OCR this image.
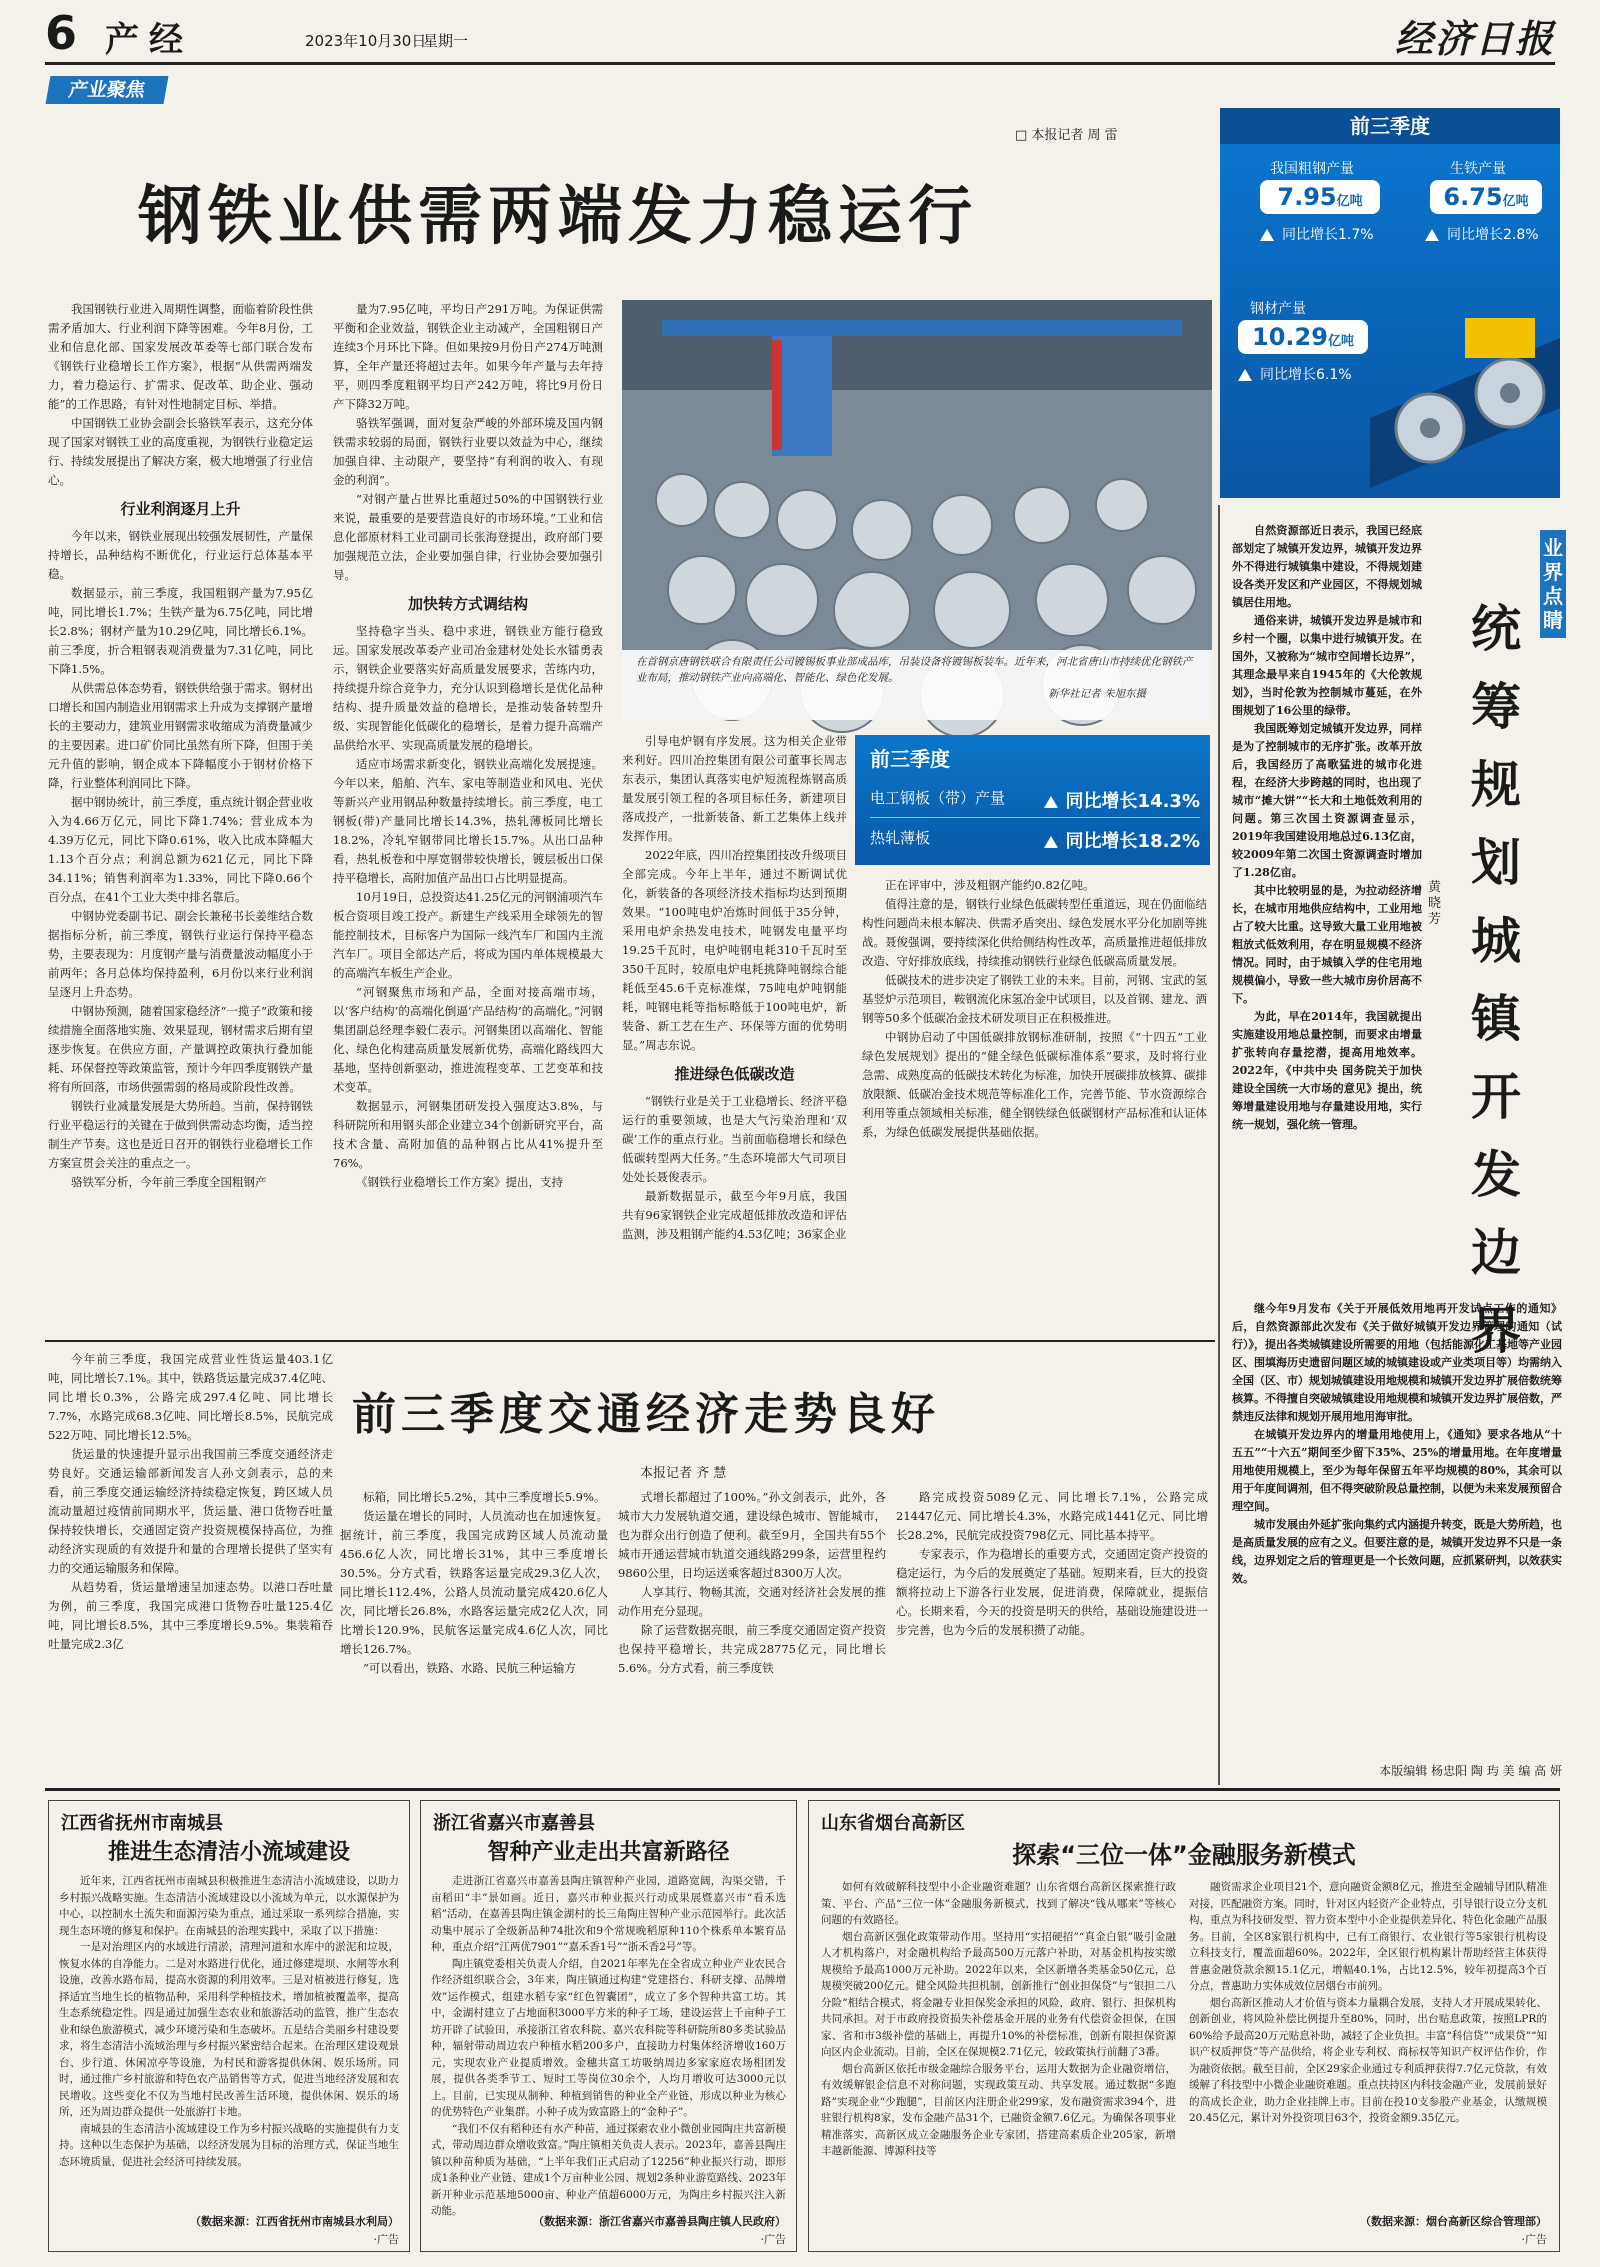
6 产经	2023年10月30日
星期一	经济日报
产业聚焦
□ 本报记者 周 雷
钢铁业供需两端发力稳运行
前三季度
我国粗钢产量
7.95亿吨
同比增长1.7%
生铁产量
6.75亿吨
同比增长2.8%
钢材产量
10.29亿吨
同比增长6.1%
在首钢京唐钢铁联合有限责任公司镀锡板事业部成品库，吊装设备将镀锡板装车。近年来，河北省唐山市持续优化钢铁产业布局，推动钢铁产业向高端化、智能化、绿色化发展。
新华社记者 朱旭东摄

我国钢铁行业进入周期性调整，面临着阶段性供需矛盾加大、行业利润下降等困难。今年8月份，工业和信息化部、国家发展改革委等七部门联合发布《钢铁行业稳增长工作方案》，根据“从供需两端发力，着力稳运行、扩需求、促改革、助企业、强动能”的工作思路，有针对性地制定目标、举措。

中国钢铁工业协会副会长骆铁军表示，这充分体现了国家对钢铁工业的高度重视，为钢铁行业稳定运行、持续发展提出了解决方案，极大地增强了行业信心。

行业利润逐月上升

今年以来，钢铁业展现出较强发展韧性，产量保持增长，品种结构不断优化，行业运行总体基本平稳。

数据显示，前三季度，我国粗钢产量为7.95亿吨，同比增长1.7%；生铁产量为6.75亿吨，同比增长2.8%；钢材产量为10.29亿吨，同比增长6.1%。前三季度，折合粗钢表观消费量为7.31亿吨，同比下降1.5%。

从供需总体态势看，钢铁供给强于需求。钢材出口增长和国内制造业用钢需求上升成为支撑钢产量增长的主要动力，建筑业用钢需求收缩成为消费量减少的主要因素。进口矿价同比虽然有所下降，但围于美元升值的影响，钢企成本下降幅度小于钢材价格下降，行业整体利润同比下降。

据中钢协统计，前三季度，重点统计钢企营业收入为4.66万亿元，同比下降1.74%；营业成本为4.39万亿元，同比下降0.61%，收入比成本降幅大1.13个百分点；利润总额为621亿元，同比下降34.11%；销售利润率为1.33%，同比下降0.66个百分点，在41个工业大类中排名靠后。

中钢协党委副书记、副会长兼秘书长姜维结合数据指标分析，前三季度，钢铁行业运行保持平稳态势，主要表现为：月度钢产量与消费量波动幅度小于前两年；各月总体均保持盈利，6月份以来行业利润呈逐月上升态势。

中钢协预测，随着国家稳经济“一揽子”政策和接续措施全面落地实施、效果显现，钢材需求后期有望逐步恢复。在供应方面，产量调控政策执行叠加能耗、环保督控等政策监管，预计今年四季度钢铁产量将有所回落，市场供强需弱的格局或阶段性改善。

钢铁行业减量发展是大势所趋。当前，保持钢铁行业平稳运行的关键在于做到供需动态均衡，适当控制生产节奏。这也是近日召开的钢铁行业稳增长工作方案宣贯会关注的重点之一。

骆铁军分析，今年前三季度全国粗钢产

量为7.95亿吨，平均日产291万吨。为保证供需平衡和企业效益，钢铁企业主动减产，全国粗钢日产连续3个月环比下降。但如果按9月份日产274万吨测算，全年产量还将超过去年。如果今年产量与去年持平，则四季度粗钢平均日产242万吨，将比9月份日产下降32万吨。

骆铁军强调，面对复杂严峻的外部环境及国内钢铁需求较弱的局面，钢铁行业要以效益为中心，继续加强自律、主动限产，要坚持“有利润的收入、有现金的利润”。

“对钢产量占世界比重超过50%的中国钢铁行业来说，最重要的是要营造良好的市场环境。”工业和信息化部原材料工业司副司长张海登提出，政府部门要加强规范立法，企业要加强自律，行业协会要加强引导。

加快转方式调结构

坚持稳字当头、稳中求进，钢铁业方能行稳致远。国家发展改革委产业司冶金建材处处长水镭勇表示，钢铁企业要落实好高质量发展要求，苦练内功，持续提升综合竞争力，充分认识到稳增长是优化品种结构、提升质量效益的稳增长，是推动装备转型升级、实现智能化低碳化的稳增长，是着力提升高端产品供给水平、实现高质量发展的稳增长。

适应市场需求新变化，钢铁业高端化发展提速。今年以来，船舶、汽车、家电等制造业和风电、光伏等新兴产业用钢品种数量持续增长。前三季度，电工钢板(带)产量同比增长14.3%，热轧薄板同比增长18.2%，冷轧窄钢带同比增长15.7%。从出口品种看，热轧板卷和中厚宽钢带较快增长，镀层板出口保持平稳增长，高附加值产品出口占比明显提高。

10月19日，总投资达41.25亿元的河钢浦项汽车板合资项目竣工投产。新建生产线采用全球领先的智能控制技术，目标客户为国际一线汽车厂和国内主流汽车厂。项目全部达产后，将成为国内单体规模最大的高端汽车板生产企业。

“河钢聚焦市场和产品，全面对接高端市场，以‘客户结构’的高端化倒逼‘产品结构’的高端化。”河钢集团副总经理李毅仁表示。河钢集团以高端化、智能化、绿色化构建高质量发展新优势，高端化路线四大基地，坚持创新驱动，推进流程变革、工艺变革和技术变革。

数据显示，河钢集团研发投入强度达3.8%，与科研院所和用钢头部企业建立34个创新研究平台，高技术含量、高附加值的品种钢占比从41%提升至76%。

《钢铁行业稳增长工作方案》提出，支持

前三季度
电工钢板（带）产量	同比增长14.3%
热轧薄板	同比增长18.2%

引导电炉钢有序发展。这为相关企业带来利好。四川冶控集团有限公司董事长周志东表示，集团认真落实电炉短流程炼钢高质量发展引领工程的各项目标任务，新建项目落成投产，一批新装备、新工艺集体上线并发挥作用。

2022年底，四川冶控集团技改升级项目全部完成。今年上半年，通过不断调试优化，新装备的各项经济技术指标均达到预期效果。“100吨电炉冶炼时间低于35分钟，采用电炉余热发电技术，吨钢发电量平均19.25千瓦时，电炉吨钢电耗310千瓦时至350千瓦时，较原电炉电耗挑降吨钢综合能耗低至45.6千克标准煤，75吨电炉吨钢能耗，吨钢电耗等指标略低于100吨电炉，新装备、新工艺在生产、环保等方面的优势明显。”周志东说。

推进绿色低碳改造

“钢铁行业是关于工业稳增长、经济平稳运行的重要领域，也是大气污染治理和‘双碳’工作的重点行业。当前面临稳增长和绿色低碳转型两大任务。”生态环境部大气司项目处处长聂俊表示。

最新数据显示，截至今年9月底，我国共有96家钢铁企业完成超低排放改造和评估监测，涉及粗钢产能约4.53亿吨；36家企业

正在评审中，涉及粗钢产能约0.82亿吨。

值得注意的是，钢铁行业绿色低碳转型任重道远，现在仍面临结构性问题尚未根本解决、供需矛盾突出、绿色发展水平分化加剧等挑战。聂俊强调，要持续深化供给侧结构性改革，高质量推进超低排放改造、守好排放底线，持续推动钢铁行业绿色低碳高质量发展。

低碳技术的进步决定了钢铁工业的未来。目前，河钢、宝武的氢基竖炉示范项目，鞍钢流化床氢冶金中试项目，以及首钢、建龙、酒钢等50多个低碳冶金技术研发项目正在积极推进。

中钢协启动了中国低碳排放钢标准研制，按照《“十四五”工业绿色发展规划》提出的“健全绿色低碳标准体系”要求，及时将行业急需、成熟度高的低碳技术转化为标准，加快开展碳排放核算、碳排放限额、低碳冶金技术规范等标准化工作，完善节能、节水资源综合利用等重点领域相关标准，健全钢铁绿色低碳钢材产品标准和认证体系，为绿色低碳发展提供基础依据。

业界点睛
统筹规划城镇开发边界
黄晓芳

自然资源部近日表示，我国已经底部划定了城镇开发边界，城镇开发边界外不得进行城镇集中建设，不得规划建设各类开发区和产业园区，不得规划城镇居住用地。

通俗来讲，城镇开发边界是城市和乡村一个圈，以集中进行城镇开发。在国外，又被称为“城市空间增长边界”，其理念最早来自1945年的《大伦敦规划》，当时伦敦为控制城市蔓延，在外围规划了16公里的绿带。

我国既筹划定城镇开发边界，同样是为了控制城市的无序扩张。改革开放后，我国经历了高歌猛进的城市化进程，在经济大步跨越的同时，也出现了城市“摊大饼”“长大和土地低效利用的问题。第三次国土资源调查显示，2019年我国建设用地总过6.13亿亩，较2009年第二次国土资源调查时增加了1.28亿亩。

其中比较明显的是，为拉动经济增长，在城市用地供应结构中，工业用地占了较大比重。这导致大量工业用地被粗放式低效利用，存在明显规模不经济情况。同时，由于城镇入学的住宅用地规模偏小，导致一些大城市房价居高不下。

为此，早在2014年，我国就提出实施建设用地总量控制，而要求由增量扩张转向存量挖潜，提高用地效率。2022年，《中共中央 国务院关于加快建设全国统一大市场的意见》提出，统筹增量建设用地与存量建设用地，实行统一规划，强化统一管理。

继今年9月发布《关于开展低效用地再开发试点工作的通知》后，自然资源部此次发布《关于做好城镇开发边界管理的通知（试行）》，提出各类城镇建设所需要的用地（包括能源化工基地等产业园区、围填海历史遗留问题区域的城镇建设或产业类项目等）均需纳入全国（区、市）规划城镇建设用地规模和城镇开发边界扩展倍数统筹核算。不得擅自突破城镇建设用地规模和城镇开发边界扩展倍数，严禁违反法律和规划开展用地用海审批。

在城镇开发边界内的增量用地使用上，《通知》要求各地从“十五五”“十六五”期间至少留下35%、25%的增量用地。在年度增量用地使用规模上，至少为每年保留五年平均规模的80%，其余可以用于年度间调剂，但不得突破阶段总量控制，以便为未来发展预留合理空间。

城市发展由外延扩张向集约式内涵提升转变，既是大势所趋，也是高质量发展的应有之义。但要注意的是，城镇开发边界不只是一条线，边界划定之后的管理更是一个长效问题，应抓紧研判，以效获实效。

本版编辑 杨忠阳 陶 玙 美 编 高 妍
前三季度交通经济走势良好
本报记者 齐 慧

今年前三季度，我国完成营业性货运量403.1亿吨，同比增长7.1%。其中，铁路货运量完成37.4亿吨、同比增长0.3%，公路完成297.4亿吨、同比增长7.7%，水路完成68.3亿吨、同比增长8.5%，民航完成522万吨、同比增长12.5%。

货运量的快速提升显示出我国前三季度交通经济走势良好。交通运输部新闻发言人孙文剑表示，总的来看，前三季度交通运输经济持续稳定恢复，跨区域人员流动量超过疫情前同期水平，货运量、港口货物吞吐量保持较快增长，交通固定资产投资规模保持高位，为推动经济实现质的有效提升和量的合理增长提供了坚实有力的交通运输服务和保障。

从趋势看，货运量增速呈加速态势。以港口吞吐量为例，前三季度，我国完成港口货物吞吐量125.4亿吨，同比增长8.5%，其中三季度增长9.5%。集装箱吞吐量完成2.3亿

标箱，同比增长5.2%，其中三季度增长5.9%。

货运量在增长的同时，人员流动也在加速恢复。据统计，前三季度，我国完成跨区域人员流动量456.6亿人次，同比增长31%，其中三季度增长30.5%。分方式看，铁路客运量完成29.3亿人次，同比增长112.4%，公路人员流动量完成420.6亿人次，同比增长26.8%，水路客运量完成2亿人次，同比增长120.9%，民航客运量完成4.6亿人次，同比增长126.7%。

“可以看出，铁路、水路、民航三种运输方

式增长都超过了100%。”孙文剑表示，此外，各城市大力发展轨道交通，建设绿色城市、智能城市，也为群众出行创造了便利。截至9月，全国共有55个城市开通运营城市轨道交通线路299条，运营里程约9860公里，日均运送乘客超过8300万人次。

人享其行、物畅其流，交通对经济社会发展的推动作用充分显现。

除了运营数据亮眼，前三季度交通固定资产投资也保持平稳增长，共完成28775亿元，同比增长5.6%。分方式看，前三季度铁

路完成投资5089亿元、同比增长7.1%，公路完成21447亿元、同比增长4.3%，水路完成1441亿元、同比增长28.2%，民航完成投资798亿元、同比基本持平。

专家表示，作为稳增长的重要方式，交通固定资产投资的稳定运行，为今后的发展奠定了基础。短期来看，巨大的投资额将拉动上下游各行业发展，促进消费，保障就业，提振信心。长期来看，今天的投资是明天的供给，基础设施建设进一步完善，也为今后的发展积攒了动能。

江西省抚州市南城县
推进生态清洁小流域建设

近年来，江西省抚州市南城县积极推进生态清洁小流域建设，以助力乡村振兴战略实施。生态清洁小流域建设以小流域为单元，以水源保护为中心，以控制水土流失和面源污染为重点，通过采取一系列综合措施，实现生态环境的修复和保护。在南城县的治理实践中，采取了以下措施：

一是对治理区内的水域进行清淤，清理河道和水库中的淤泥和垃圾，恢复水体的自净能力。二是对水路进行优化，通过修建堤坝、水闸等水利设施，改善水路布局，提高水资源的利用效率。三是对植被进行修复，选择适宜当地生长的植物品种，采用科学种植技术，增加植被覆盖率，提高生态系统稳定性。四是通过加强生态农业和旅游活动的监管，推广生态农业和绿色旅游模式，减少环境污染和生态破坏。五是结合美丽乡村建设要求，将生态清洁小流域治理与乡村振兴紧密结合起来。在治理区建设观景台、步行道、休闲凉亭等设施，为村民和游客提供休闲、娱乐场所。同时，通过推广乡村旅游和特色农产品销售等方式，促进当地经济发展和农民增收。这些变化不仅为当地村民改善生活环境，提供休闲、娱乐的场所，还为周边群众提供一处旅游打卡地。

南城县的生态清洁小流域建设工作为乡村振兴战略的实施提供有力支持。这种以生态保护为基础，以经济发展为目标的治理方式，保证当地生态环境质量，促进社会经济可持续发展。

（数据来源：江西省抚州市南城县水利局）
·广告
浙江省嘉兴市嘉善县
智种产业走出共富新路径

走进浙江省嘉兴市嘉善县陶庄镇智种产业园，道路宽阔，沟渠交错，千亩稻田“丰”景如画。近日，嘉兴市种业振兴行动成果展暨嘉兴市“看禾选稻”活动，在嘉善县陶庄镇金湖村的长三角陶庄智种产业示范园举行。此次活动集中展示了全级新品种74批次和9个常规晚稻原种110个株系单本繁育品种，重点介绍“江两优7901”“嘉禾香1号”“浙禾香2号”等。

陶庄镇党委相关负责人介绍，自2021年率先在全省成立种业产业农民合作经济组织联合会，3年来，陶庄镇通过构建“党建搭台、科研支撑、品牌增效”运作模式，组建水稻专家“红色智囊团”，成立了多个智种共富工坊。其中，金湖村建立了占地面积3000平方米的种子工场，建设运营上千亩种子工坊开辟了试验田，承接浙江省农科院、嘉兴农科院等科研院所80多类试验品种，辐射带动周边农户种植水稻200多户，直接助力村集体经济增收160万元，实现农业产业提质增效。金穗共富工坊吸纳周边多家家庭农场相团发展，提供各类季节工、短时工等岗位30余个，人均月增收可达3000元以上。目前，已实现从制种、种植到销售的种业全产业链，形成以种业为核心的优势特色产业集群。小种子成为致富路上的“金种子”。

“我们不仅有稻种还有水产种苗，通过探索农业小微创业园陶庄共富新模式，带动周边群众增收致富。”陶庄镇相关负责人表示。2023年，嘉善县陶庄镇以种苗种质为基础，“上半年我们正式启动了12256”种业振兴行动，即形成1条种业产业链、建成1个万亩种业公园、规划2条种业游览路线、2023年新开种业示范基地5000亩、种业产值超6000万元，为陶庄乡村振兴注入新动能。

（数据来源：浙江省嘉兴市嘉善县陶庄镇人民政府）
·广告
山东省烟台高新区
探索“三位一体”金融服务新模式

如何有效破解科技型中小企业融资难题？山东省烟台高新区探索推行政策、平台、产品“三位一体”金融服务新模式，找到了解决“钱从哪来”等核心问题的有效路径。

烟台高新区强化政策带动作用。坚持用“实招硬招”“真金白银”吸引金融人才机构落户，对金融机构给予最高500万元落户补助，对基金机构按实缴规模给予最高1000万元补助。2022年以来，全区新增各类基金50亿元，总规模突破200亿元。健全风险共担机制，创新推行“创业担保贷”与“银担二八分险”相结合模式，将金融专业担保奖金承担的风险，政府、银行、担保机构共同承担。对于市政府投资损失补偿基金开展的业务有代偿资金担保，在国家、省和市3级补偿的基础上，再提升10%的补偿标准，创新有限担保资源向区内企业流动。目前，全区在保规模2.71亿元，较政策执行前翻了3番。

烟台高新区依托市级金融综合服务平台，运用大数据为企业融资增信，有效缓解银企信息不对称问题，实现政策互动、共享发展。通过数据“多跑路”实现企业“少跑腿”，目前区内注册企业299家，发布融资需求394个，进驻银行机构8家，发布金融产品31个，已融资金额7.6亿元。为确保各项事业精准落实，高新区成立金融服务企业专家团，搭建高素质企业205家，新增丰越新能源、博源科技等

融资需求企业项目21个，意向融资金额8亿元，推进至金融辅导团队精准对接，匹配融资方案。同时，针对区内轻资产企业特点，引导银行设立分支机构，重点为科技研发型、智力资本型中小企业提供差异化、特色化金融产品服务。目前，全区8家银行机构中，已有工商银行、农业银行等5家银行机构设立科技支行，覆盖面超60%。2022年，全区银行机构累计帮助经营主体获得普惠金融贷款余额15.1亿元，增幅40.1%，占比12.5%，较年初提高3个百分点，普惠助力实体成效位居烟台市前列。

烟台高新区推动人才价值与资本力量耦合发展，支持人才开展成果转化、创新创业，将风险补偿比例提升至80%，同时，出台贴息政策，按照LPR的60%给予最高20万元贴息补助，减轻了企业负担。丰富“科信贷”“成果贷”“知识产权质押贷”等产品供给，将企业专利权、商标权等知识产权评估作价，作为融资依据。截至目前，全区29家企业通过专利质押获得7.7亿元贷款，有效缓解了科技型中小微企业融资难题。重点扶持区内科技金融产业，发展前景好的高成长企业，助力企业挂牌上市。目前在投10支参股产业基金，认缴规模20.45亿元，累计对外投资项目63个，投资金额9.35亿元。

（数据来源：烟台高新区综合管理部）
·广告
